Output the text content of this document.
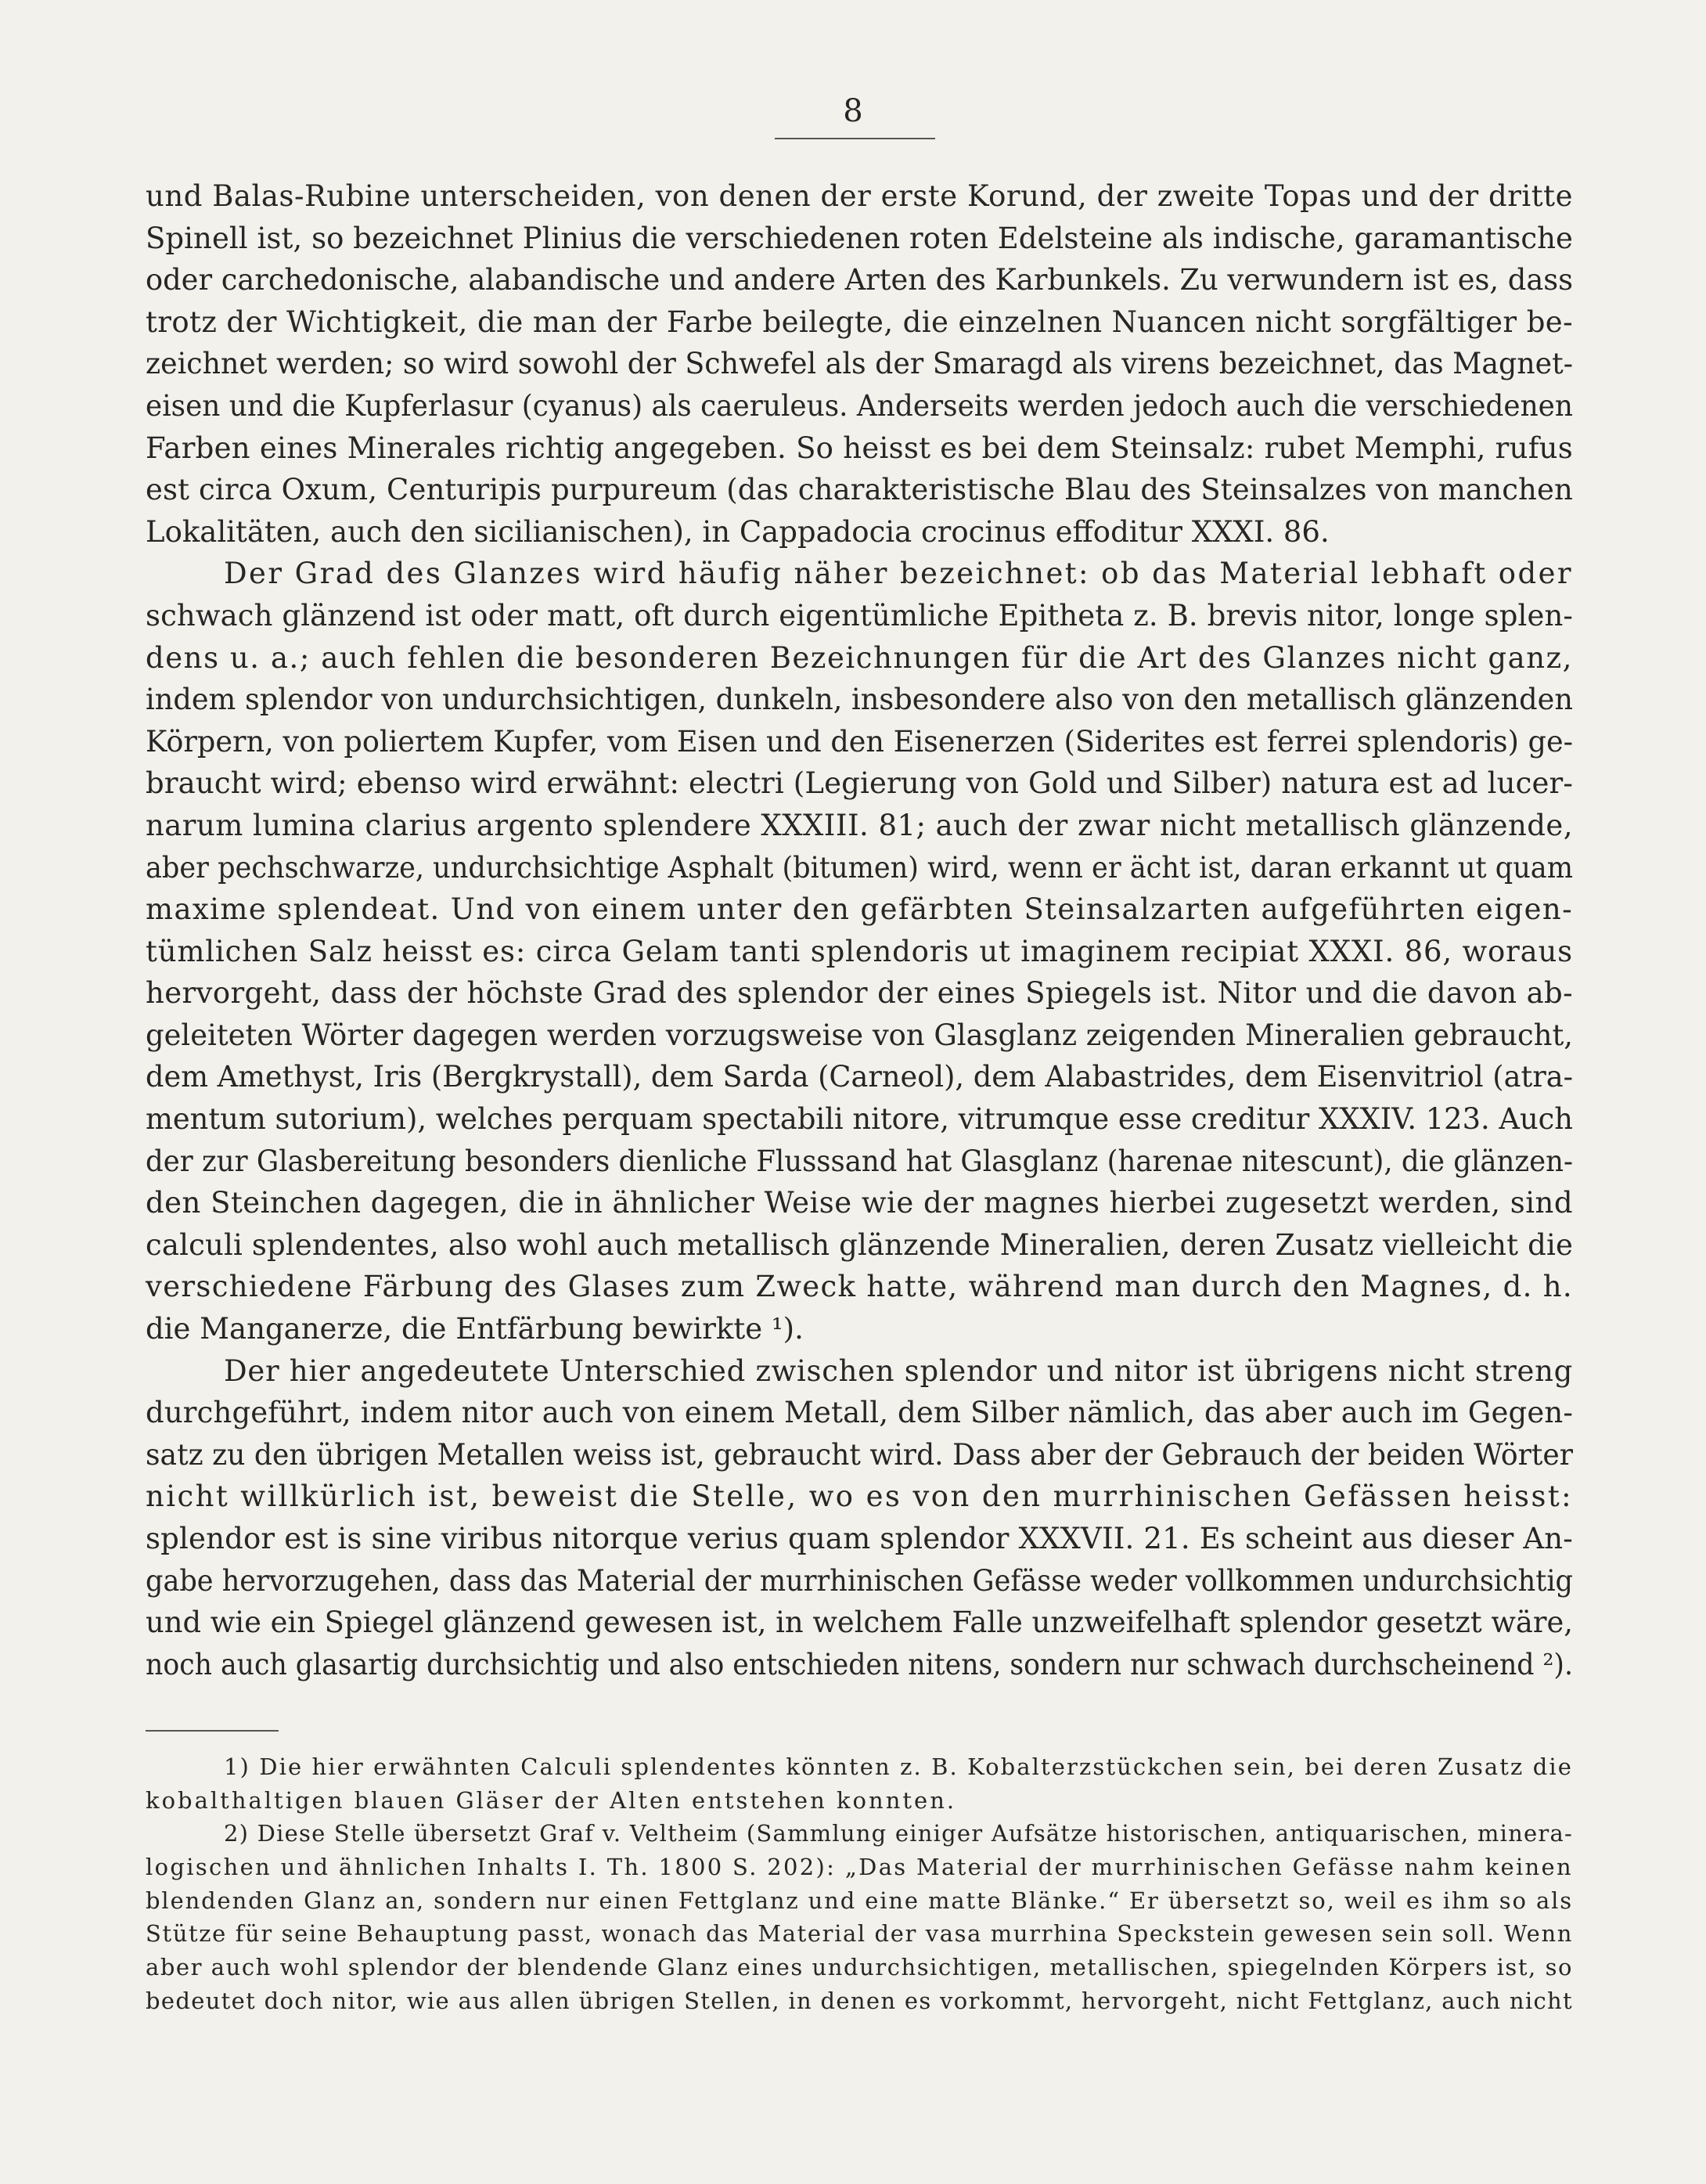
8
und Balas-Rubine unterscheiden, von denen der erste Korund, der zweite Topas und der dritte
Spinell ist, so bezeichnet Plinius die verschiedenen roten Edelsteine als indische, garamantische
oder carchedonische, alabandische und andere Arten des Karbunkels. Zu verwundern ist es, dass
trotz der Wichtigkeit, die man der Farbe beilegte, die einzelnen Nuancen nicht sorgfältiger be-
zeichnet werden; so wird sowohl der Schwefel als der Smaragd als virens bezeichnet, das Magnet-
eisen und die Kupferlasur (cyanus) als caeruleus. Anderseits werden jedoch auch die verschiedenen
Farben eines Minerales richtig angegeben. So heisst es bei dem Steinsalz: rubet Memphi, rufus
est circa Oxum, Centuripis purpureum (das charakteristische Blau des Steinsalzes von manchen
Lokalitäten, auch den sicilianischen), in Cappadocia crocinus effoditur XXXI. 86.
Der Grad des Glanzes wird häufig näher bezeichnet: ob das Material lebhaft oder
schwach glänzend ist oder matt, oft durch eigentümliche Epitheta z. B. brevis nitor, longe splen-
dens u. a.; auch fehlen die besonderen Bezeichnungen für die Art des Glanzes nicht ganz,
indem splendor von undurchsichtigen, dunkeln, insbesondere also von den metallisch glänzenden
Körpern, von poliertem Kupfer, vom Eisen und den Eisenerzen (Siderites est ferrei splendoris) ge-
braucht wird; ebenso wird erwähnt: electri (Legierung von Gold und Silber) natura est ad lucer-
narum lumina clarius argento splendere XXXIII. 81; auch der zwar nicht metallisch glänzende,
aber pechschwarze, undurchsichtige Asphalt (bitumen) wird, wenn er ächt ist, daran erkannt ut quam
maxime splendeat. Und von einem unter den gefärbten Steinsalzarten aufgeführten eigen-
tümlichen Salz heisst es: circa Gelam tanti splendoris ut imaginem recipiat XXXI. 86, woraus
hervorgeht, dass der höchste Grad des splendor der eines Spiegels ist. Nitor und die davon ab-
geleiteten Wörter dagegen werden vorzugsweise von Glasglanz zeigenden Mineralien gebraucht,
dem Amethyst, Iris (Bergkrystall), dem Sarda (Carneol), dem Alabastrides, dem Eisenvitriol (atra-
mentum sutorium), welches perquam spectabili nitore, vitrumque esse creditur XXXIV. 123. Auch
der zur Glasbereitung besonders dienliche Flusssand hat Glasglanz (harenae nitescunt), die glänzen-
den Steinchen dagegen, die in ähnlicher Weise wie der magnes hierbei zugesetzt werden, sind
calculi splendentes, also wohl auch metallisch glänzende Mineralien, deren Zusatz vielleicht die
verschiedene Färbung des Glases zum Zweck hatte, während man durch den Magnes, d. h.
die Manganerze, die Entfärbung bewirkte ¹).
Der hier angedeutete Unterschied zwischen splendor und nitor ist übrigens nicht streng
durchgeführt, indem nitor auch von einem Metall, dem Silber nämlich, das aber auch im Gegen-
satz zu den übrigen Metallen weiss ist, gebraucht wird. Dass aber der Gebrauch der beiden Wörter
nicht willkürlich ist, beweist die Stelle, wo es von den murrhinischen Gefässen heisst:
splendor est is sine viribus nitorque verius quam splendor XXXVII. 21. Es scheint aus dieser An-
gabe hervorzugehen, dass das Material der murrhinischen Gefässe weder vollkommen undurchsichtig
und wie ein Spiegel glänzend gewesen ist, in welchem Falle unzweifelhaft splendor gesetzt wäre,
noch auch glasartig durchsichtig und also entschieden nitens, sondern nur schwach durchscheinend ²).
1) Die hier erwähnten Calculi splendentes könnten z. B. Kobalterzstückchen sein, bei deren Zusatz die
kobalthaltigen blauen Gläser der Alten entstehen konnten.
2) Diese Stelle übersetzt Graf v. Veltheim (Sammlung einiger Aufsätze historischen, antiquarischen, minera-
logischen und ähnlichen Inhalts I. Th. 1800 S. 202): „Das Material der murrhinischen Gefässe nahm keinen
blendenden Glanz an, sondern nur einen Fettglanz und eine matte Blänke.“ Er übersetzt so, weil es ihm so als
Stütze für seine Behauptung passt, wonach das Material der vasa murrhina Speckstein gewesen sein soll. Wenn
aber auch wohl splendor der blendende Glanz eines undurchsichtigen, metallischen, spiegelnden Körpers ist, so
bedeutet doch nitor, wie aus allen übrigen Stellen, in denen es vorkommt, hervorgeht, nicht Fettglanz, auch nicht
